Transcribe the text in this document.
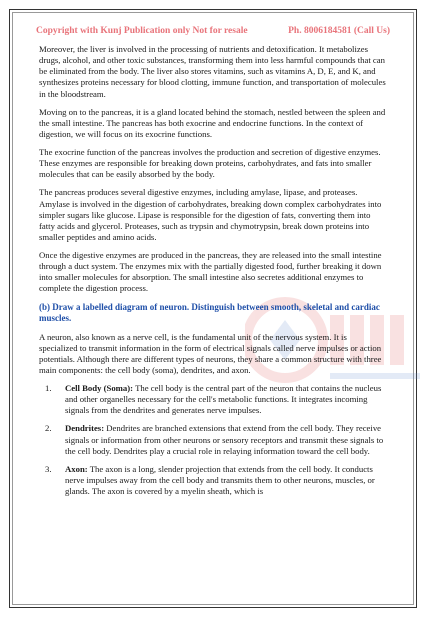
Copyright with Kunj Publication only Not for resale	Ph. 8006184581 (Call Us)

Moreover, the liver is involved in the processing of nutrients and detoxification. It metabolizes drugs, alcohol, and other toxic substances, transforming them into less harmful compounds that can be eliminated from the body. The liver also stores vitamins, such as vitamins A, D, E, and K, and synthesizes proteins necessary for blood clotting, immune function, and transportation of molecules in the bloodstream.

Moving on to the pancreas, it is a gland located behind the stomach, nestled between the spleen and the small intestine. The pancreas has both exocrine and endocrine functions. In the context of digestion, we will focus on its exocrine functions.

The exocrine function of the pancreas involves the production and secretion of digestive enzymes. These enzymes are responsible for breaking down proteins, carbohydrates, and fats into smaller molecules that can be easily absorbed by the body.

The pancreas produces several digestive enzymes, including amylase, lipase, and proteases. Amylase is involved in the digestion of carbohydrates, breaking down complex carbohydrates into simpler sugars like glucose. Lipase is responsible for the digestion of fats, converting them into fatty acids and glycerol. Proteases, such as trypsin and chymotrypsin, break down proteins into smaller peptides and amino acids.

Once the digestive enzymes are produced in the pancreas, they are released into the small intestine through a duct system. The enzymes mix with the partially digested food, further breaking it down into smaller molecules for absorption. The small intestine also secretes additional enzymes to complete the digestion process.

(b) Draw a labelled diagram of neuron. Distinguish between smooth, skeletal and cardiac muscles.

A neuron, also known as a nerve cell, is the fundamental unit of the nervous system. It is specialized to transmit information in the form of electrical signals called nerve impulses or action potentials. Although there are different types of neurons, they share a common structure with three main components: the cell body (soma), dendrites, and axon.

1.	Cell Body (Soma): The cell body is the central part of the neuron that contains the nucleus and other organelles necessary for the cell's metabolic functions. It integrates incoming signals from the dendrites and generates nerve impulses.
2.	Dendrites: Dendrites are branched extensions that extend from the cell body. They receive signals or information from other neurons or sensory receptors and transmit these signals to the cell body. Dendrites play a crucial role in relaying information toward the cell body.
3.	Axon: The axon is a long, slender projection that extends from the cell body. It conducts nerve impulses away from the cell body and transmits them to other neurons, muscles, or glands. The axon is covered by a myelin sheath, which is
